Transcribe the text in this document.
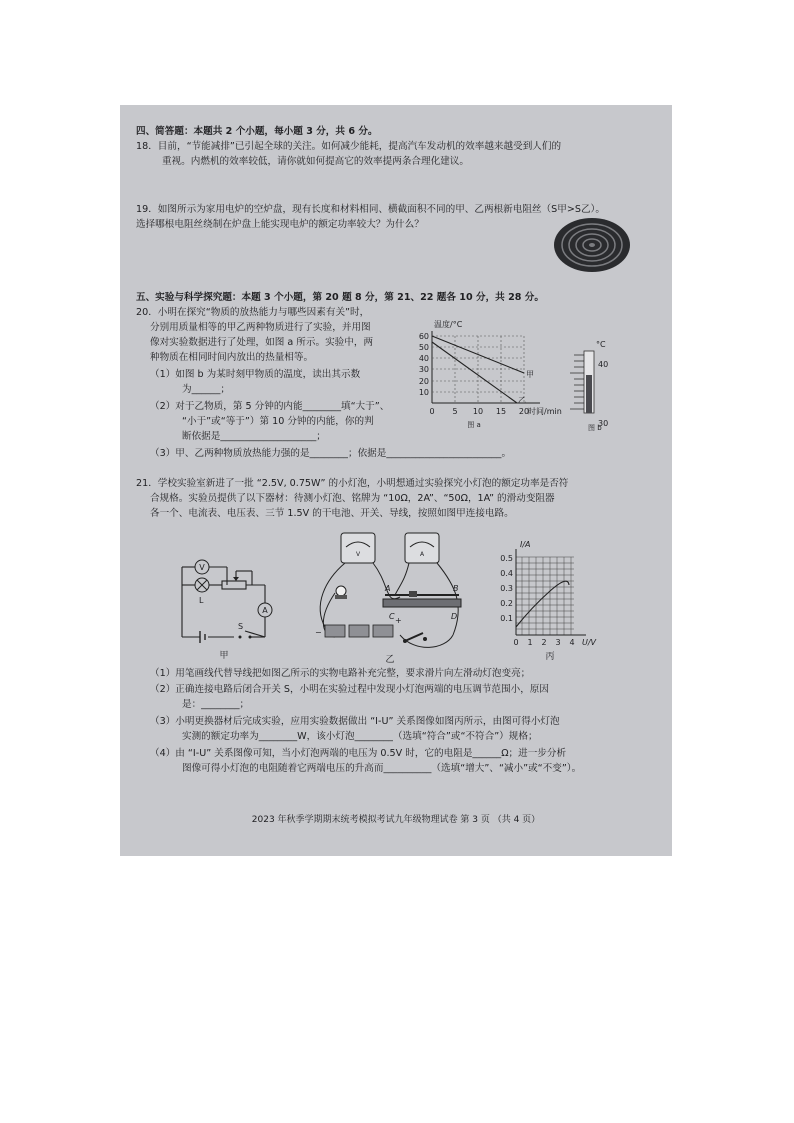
四、简答题：本题共 2 个小题，每小题 3 分，共 6 分。
18．目前，“节能减排”已引起全球的关注。如何减少能耗，提高汽车发动机的效率越来越受到人们的
重视。内燃机的效率较低，请你就如何提高它的效率提两条合理化建议。
19．如图所示为家用电炉的空炉盘，现有长度和材料相同、横截面积不同的甲、乙两根新电阻丝（S甲>S乙）。
选择哪根电阻丝绕制在炉盘上能实现电炉的额定功率较大？为什么？
五、实验与科学探究题：本题 3 个小题，第 20 题 8 分，第 21、22 题各 10 分，共 28 分。
20．小明在探究“物质的放热能力与哪些因素有关”时，
分别用质量相等的甲乙两种物质进行了实验，并用图
像对实验数据进行了处理，如图 a 所示。实验中，两
种物质在相同时间内放出的热量相等。
（1）如图 b 为某时刻甲物质的温度，读出其示数
为______；
（2）对于乙物质，第 5 分钟的内能________填“大于”、
“小于”或“等于”）第 10 分钟的内能，你的判
断依据是____________________；
（3）甲、乙两种物质放热能力强的是________；依据是________________________。
温度/°C
60
50
40
30
20
10
0 5 10 15 20
时间/min
甲
乙
图 a
°C
40
30
图 b
21．学校实验室新进了一批 “2.5V, 0.75W” 的小灯泡，小明想通过实验探究小灯泡的额定功率是否符
合规格。实验员提供了以下器材：待测小灯泡、铭牌为 “10Ω，2A”、“50Ω，1A” 的滑动变阻器
各一个、电流表、电压表、三节 1.5V 的干电池、开关、导线，按照如图甲连接电路。
V
L
A
S
甲
V	A
A	B
C	D
−
+
乙
I/A
0.5
0.4
0.3
0.2
0.1
0 1 2 3 4 U/V
丙
（1）用笔画线代替导线把如图乙所示的实物电路补充完整，要求滑片向左滑动灯泡变亮；
（2）正确连接电路后闭合开关 S，小明在实验过程中发现小灯泡两端的电压调节范围小，原因
是：________；
（3）小明更换器材后完成实验，应用实验数据做出 “I-U” 关系图像如图丙所示，由图可得小灯泡
实测的额定功率为________W，该小灯泡________（选填“符合”或“不符合”）规格；
（4）由 “I-U” 关系图像可知，当小灯泡两端的电压为 0.5V 时，它的电阻是______Ω；进一步分析
图像可得小灯泡的电阻随着它两端电压的升高而__________（选填“增大”、“减小”或“不变”）。
2023 年秋季学期期末统考模拟考试九年级物理试卷 第 3 页 （共 4 页）
